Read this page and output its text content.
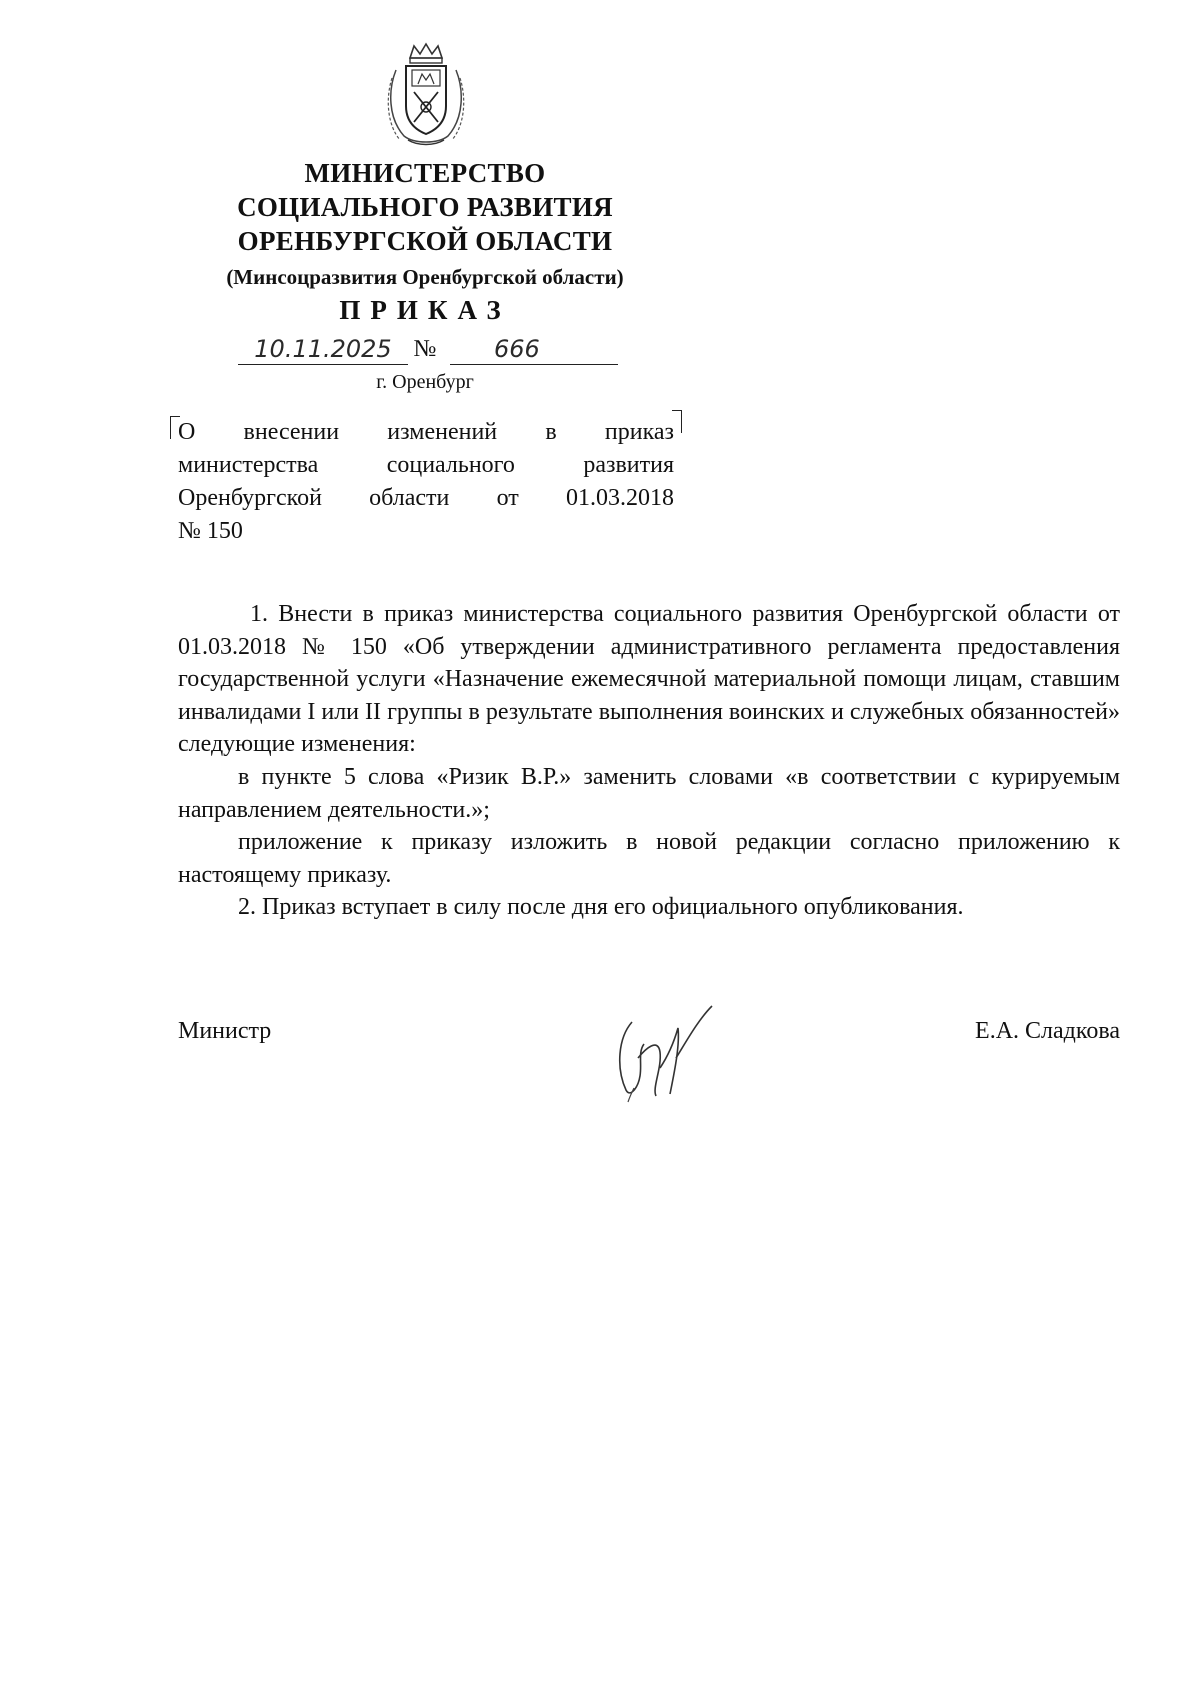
МИНИСТЕРСТВО

СОЦИАЛЬНОГО РАЗВИТИЯ

ОРЕНБУРГСКОЙ ОБЛАСТИ

(Минсоцразвития Оренбургской области)
ПРИКАЗ
10.11.2025 №	666
г. Оренбург
О внесении изменений в приказ
министерства социального развития
Оренбургской области от 01.03.2018
№ 150

1. Внести в приказ министерства социального развития Оренбургской области от 01.03.2018 № 150 «Об утверждении административного регламента предоставления государственной услуги «Назначение ежемесячной материальной помощи лицам, ставшим инвалидами I или II группы в результате выполнения воинских и служебных обязанностей» следующие изменения:

в пункте 5 слова «Ризик В.Р.» заменить словами «в соответствии с курируемым направлением деятельности.»;

приложение к приказу изложить в новой редакции согласно приложению к настоящему приказу.

2. Приказ вступает в силу после дня его официального опубликования.

Министр	Е.А. Сладкова
